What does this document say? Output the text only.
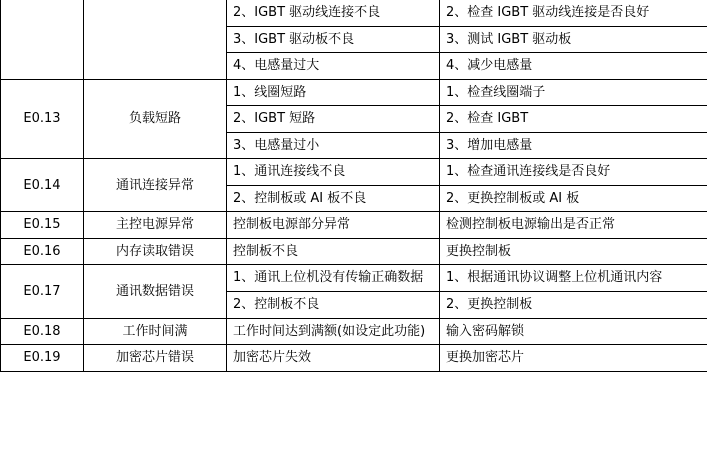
		2、IGBT 驱动线连接不良	2、检查 IGBT 驱动线连接是否良好
		3、IGBT 驱动板不良	3、测试 IGBT 驱动板
		4、电感量过大	4、减少电感量
E0.13	负载短路	1、线圈短路	1、检查线圈端子
		2、IGBT 短路	2、检查 IGBT
		3、电感量过小	3、增加电感量
E0.14	通讯连接异常	1、通讯连接线不良	1、检查通讯连接线是否良好
		2、控制板或 AI 板不良	2、更换控制板或 AI 板
E0.15	主控电源异常	控制板电源部分异常	检测控制板电源输出是否正常
E0.16	内存读取错误	控制板不良	更换控制板
E0.17	通讯数据错误	1、通讯上位机没有传输正确数据	1、根据通讯协议调整上位机通讯内容
		2、控制板不良	2、更换控制板
E0.18	工作时间满	工作时间达到满额(如设定此功能)	输入密码解锁
E0.19	加密芯片错误	加密芯片失效	更换加密芯片
